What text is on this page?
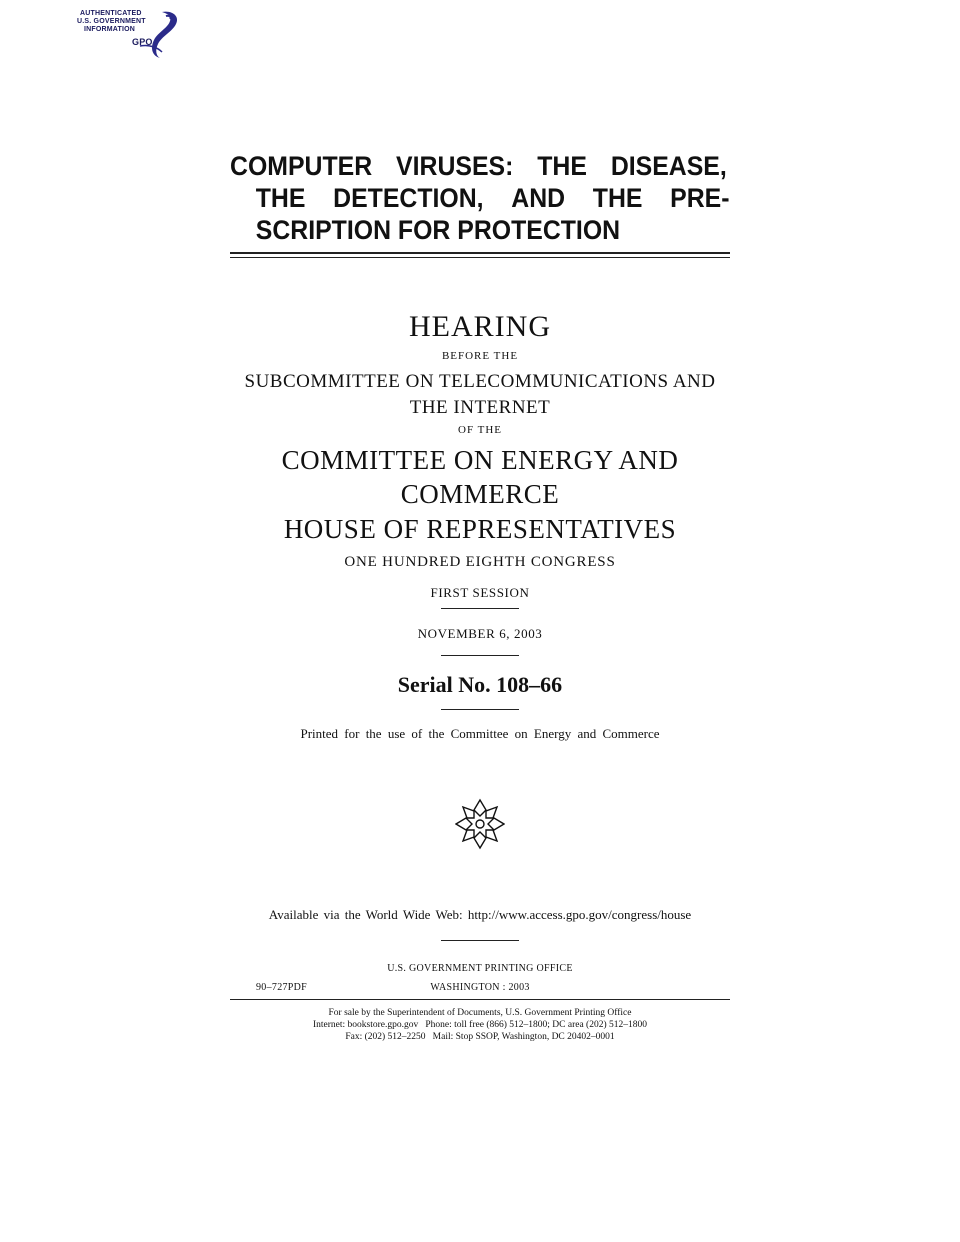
AUTHENTICATED
U.S. GOVERNMENT
INFORMATION
GPO
COMPUTER VIRUSES: THE DISEASE,
THE DETECTION, AND THE PRE-
SCRIPTION FOR PROTECTION
HEARING
BEFORE THE
SUBCOMMITTEE ON TELECOMMUNICATIONS AND
THE INTERNET
OF THE
COMMITTEE ON ENERGY AND
COMMERCE
HOUSE OF REPRESENTATIVES
ONE HUNDRED EIGHTH CONGRESS
FIRST SESSION
NOVEMBER 6, 2003
Serial No. 108–66
Printed for the use of the Committee on Energy and Commerce
Available via the World Wide Web: http://www.access.gpo.gov/congress/house
U.S. GOVERNMENT PRINTING OFFICE
90–727PDF	WASHINGTON : 2003
For sale by the Superintendent of Documents, U.S. Government Printing Office
Internet: bookstore.gpo.gov   Phone: toll free (866) 512–1800; DC area (202) 512–1800
Fax: (202) 512–2250   Mail: Stop SSOP, Washington, DC 20402–0001
